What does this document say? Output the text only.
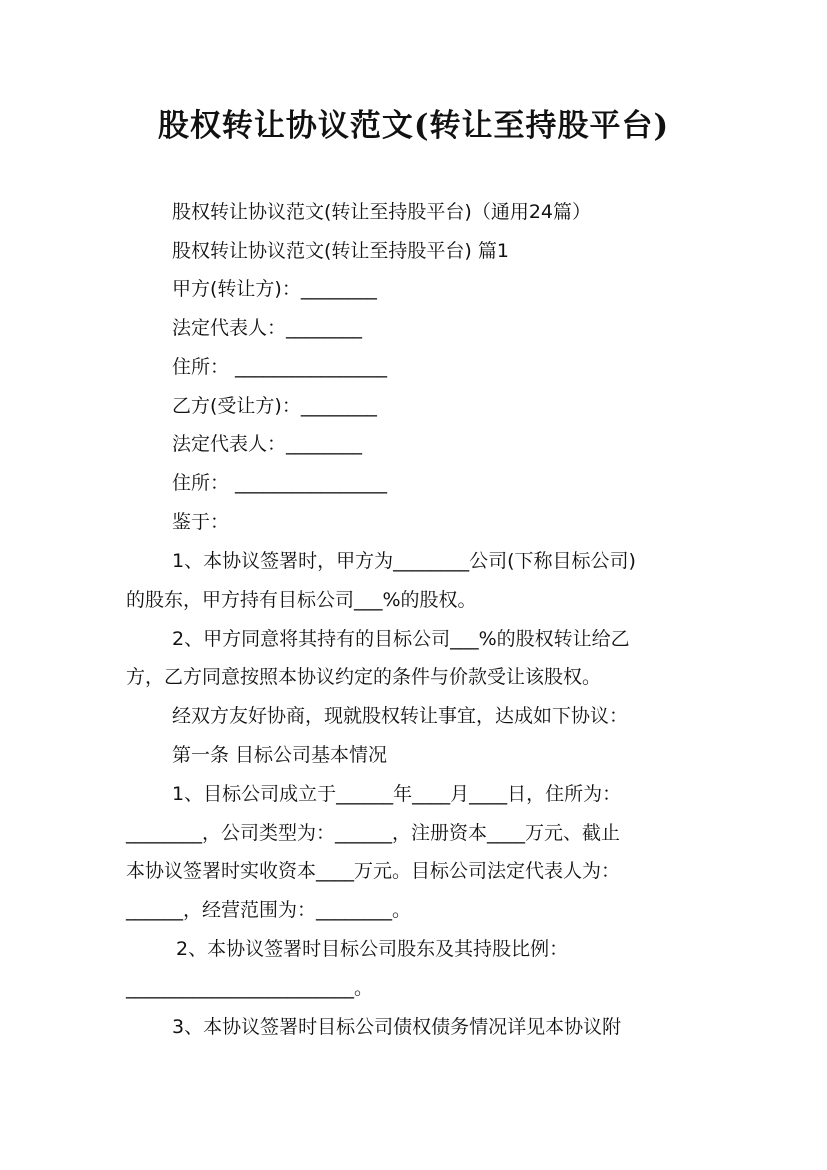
股权转让协议范文(转让至持股平台)
股权转让协议范文(转让至持股平台)（通用24篇）
股权转让协议范文(转让至持股平台) 篇1
甲方(转让方)：________
法定代表人：________
住所： ________________
乙方(受让方)：________
法定代表人：________
住所： ________________
鉴于：
1、本协议签署时，甲方为________公司(下称目标公司)
的股东，甲方持有目标公司___%的股权。
2、甲方同意将其持有的目标公司___%的股权转让给乙
方，乙方同意按照本协议约定的条件与价款受让该股权。
经双方友好协商，现就股权转让事宜，达成如下协议：
第一条 目标公司基本情况
1、目标公司成立于______年____月____日，住所为：
________，公司类型为：______，注册资本____万元、截止
本协议签署时实收资本____万元。目标公司法定代表人为：
______，经营范围为：________。
2、本协议签署时目标公司股东及其持股比例：
________________________。
3、本协议签署时目标公司债权债务情况详见本协议附
